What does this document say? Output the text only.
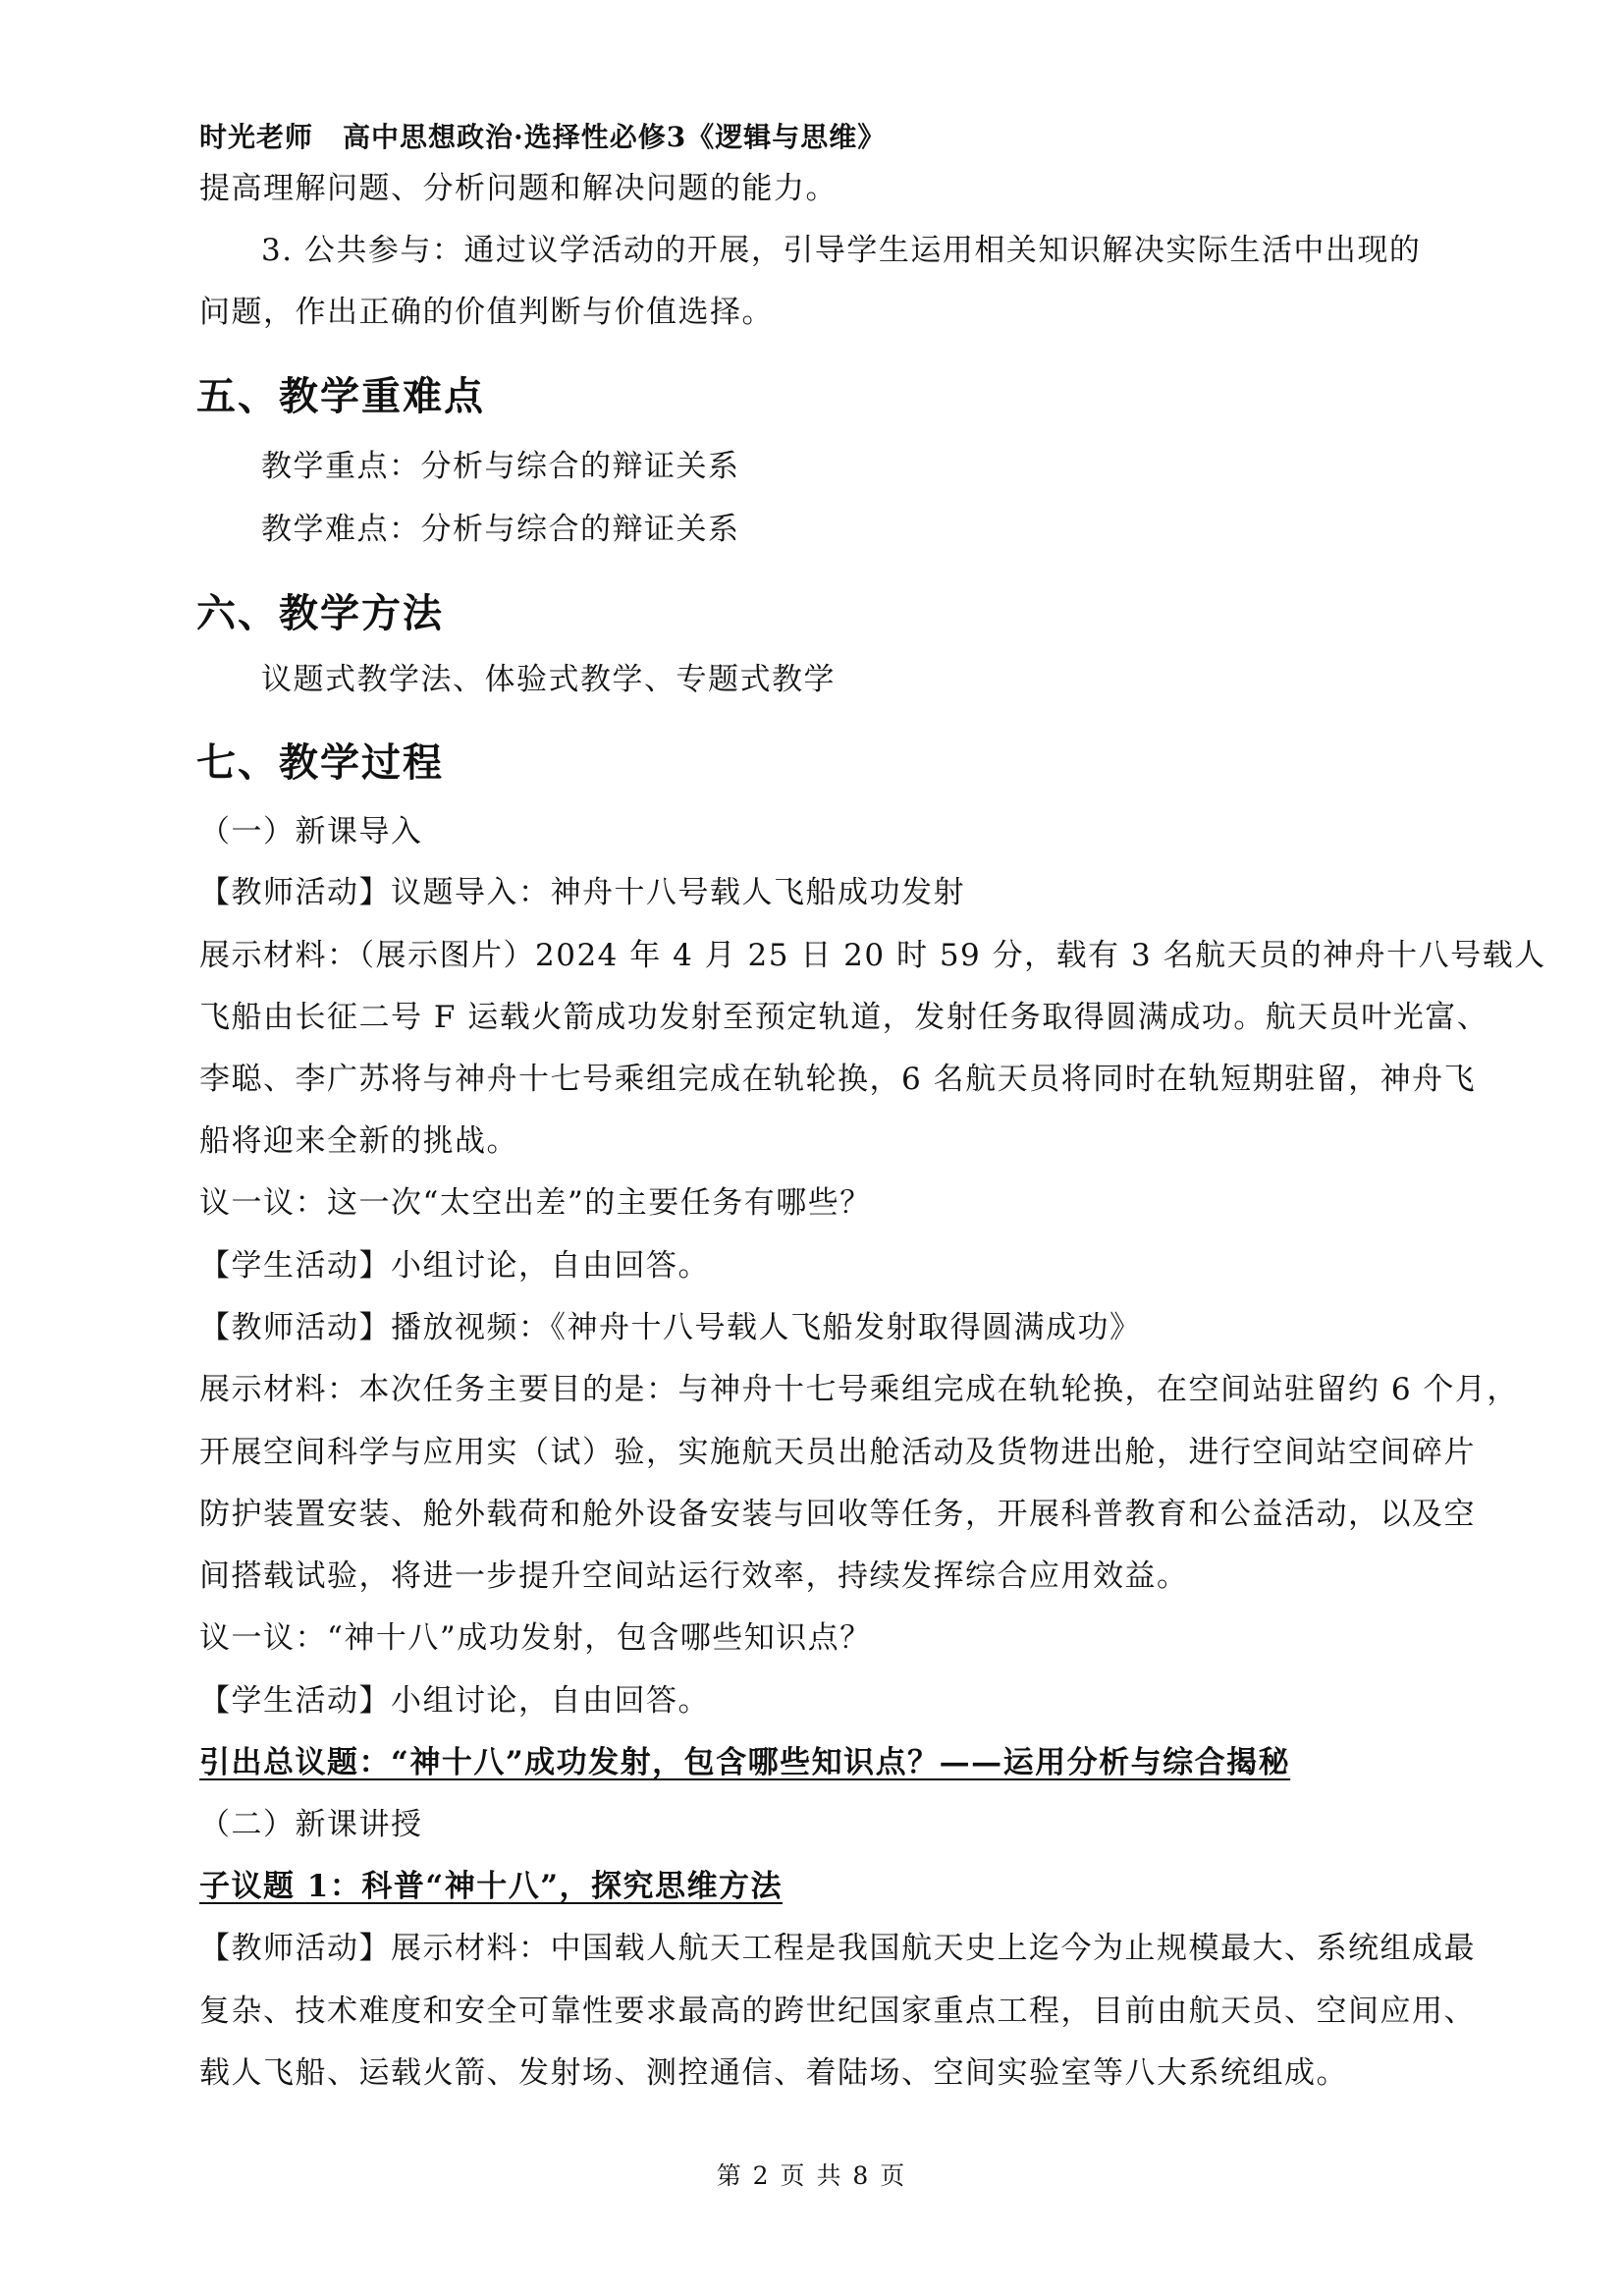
时光老师 高中思想政治·选择性必修3《逻辑与思维》
提高理解问题、分析问题和解决问题的能力。
3. 公共参与：通过议学活动的开展，引导学生运用相关知识解决实际生活中出现的
问题，作出正确的价值判断与价值选择。
五、教学重难点
教学重点：分析与综合的辩证关系
教学难点：分析与综合的辩证关系
六、教学方法
议题式教学法、体验式教学、专题式教学
七、教学过程
（一）新课导入
【教师活动】议题导入：神舟十八号载人飞船成功发射
展示材料：（展示图片）2024 年 4 月 25 日 20 时 59 分，载有 3 名航天员的神舟十八号载人
飞船由长征二号 F 运载火箭成功发射至预定轨道，发射任务取得圆满成功。航天员叶光富、
李聪、李广苏将与神舟十七号乘组完成在轨轮换，6 名航天员将同时在轨短期驻留，神舟飞
船将迎来全新的挑战。
议一议：这一次“太空出差”的主要任务有哪些？
【学生活动】小组讨论，自由回答。
【教师活动】播放视频：《神舟十八号载人飞船发射取得圆满成功》
展示材料：本次任务主要目的是：与神舟十七号乘组完成在轨轮换，在空间站驻留约 6 个月，
开展空间科学与应用实（试）验，实施航天员出舱活动及货物进出舱，进行空间站空间碎片
防护装置安装、舱外载荷和舱外设备安装与回收等任务，开展科普教育和公益活动，以及空
间搭载试验，将进一步提升空间站运行效率，持续发挥综合应用效益。
议一议：“神十八”成功发射，包含哪些知识点？
【学生活动】小组讨论，自由回答。
引出总议题：“神十八”成功发射，包含哪些知识点？——运用分析与综合揭秘
（二）新课讲授
子议题 1：科普“神十八”，探究思维方法
【教师活动】展示材料：中国载人航天工程是我国航天史上迄今为止规模最大、系统组成最
复杂、技术难度和安全可靠性要求最高的跨世纪国家重点工程，目前由航天员、空间应用、
载人飞船、运载火箭、发射场、测控通信、着陆场、空间实验室等八大系统组成。
第 2 页 共 8 页
